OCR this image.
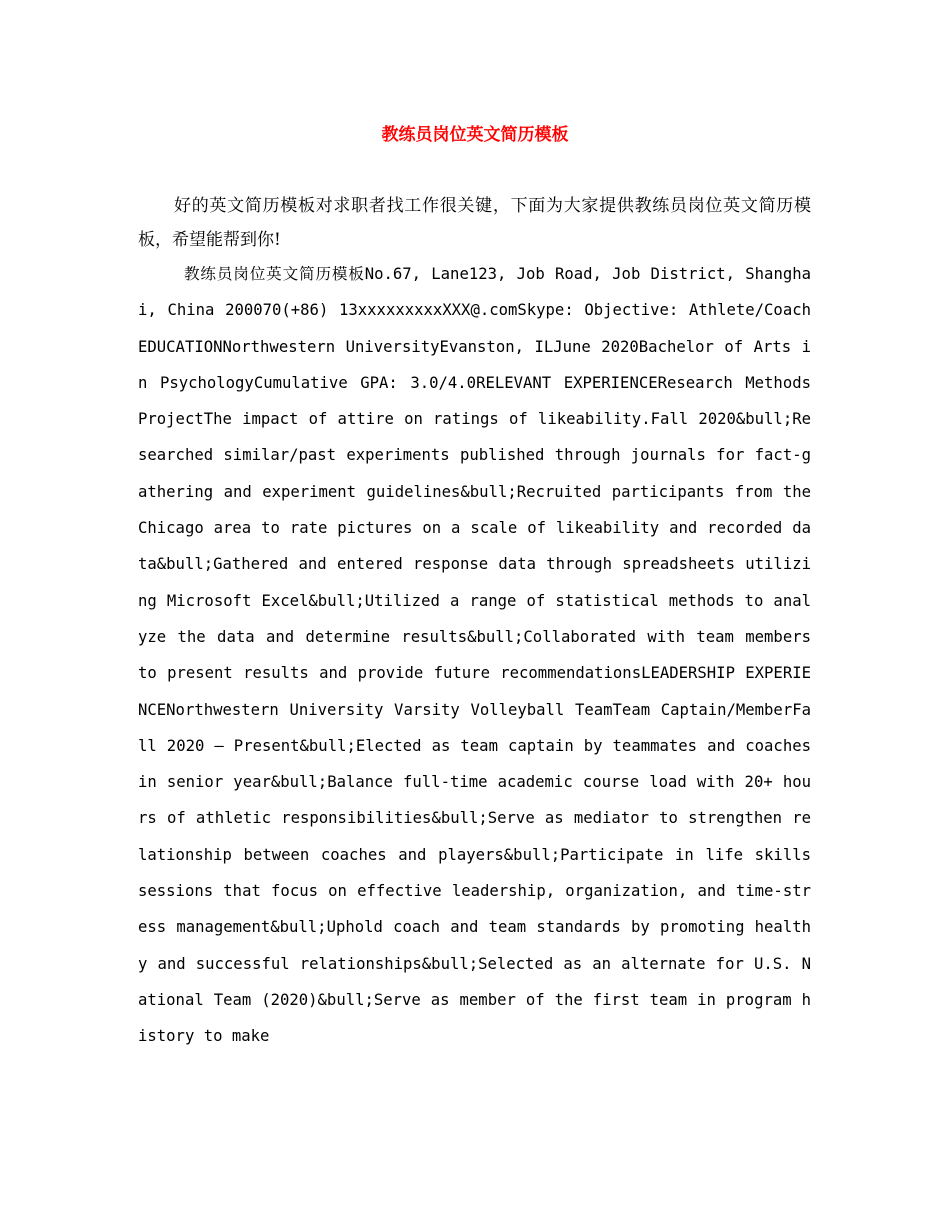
教练员岗位英文简历模板

好的英文简历模板对求职者找工作很关键，下面为大家提供教练员岗位英文简历模板，希望能帮到你!

教练员岗位英文简历模板No.67, Lane123, Job Road, Job District, Shanghai, China 200070(+86) 13xxxxxxxxxXXX@.comSkype: Objective: Athlete/CoachEDUCATIONNorthwestern UniversityEvanston, ILJune 2020Bachelor of Arts in PsychologyCumulative GPA: 3.0/4.0RELEVANT EXPERIENCEResearch Methods ProjectThe impact of attire on ratings of likeability.Fall 2020&bull;Researched similar/past experiments published through journals for fact-gathering and experiment guidelines&bull;Recruited participants from the Chicago area to rate pictures on a scale of likeability and recorded data&bull;Gathered and entered response data through spreadsheets utilizing Microsoft Excel&bull;Utilized a range of statistical methods to analyze the data and determine results&bull;Collaborated with team members to present results and provide future recommendationsLEADERSHIP EXPERIENCENorthwestern University Varsity Volleyball TeamTeam Captain/MemberFall 2020 – Present&bull;Elected as team captain by teammates and coaches in senior year&bull;Balance full-time academic course load with 20+ hours of athletic responsibilities&bull;Serve as mediator to strengthen relationship between coaches and players&bull;Participate in life skills sessions that focus on effective leadership, organization, and time-stress management&bull;Uphold coach and team standards by promoting healthy and successful relationships&bull;Selected as an alternate for U.S. National Team (2020)&bull;Serve as member of the first team in program history to make
